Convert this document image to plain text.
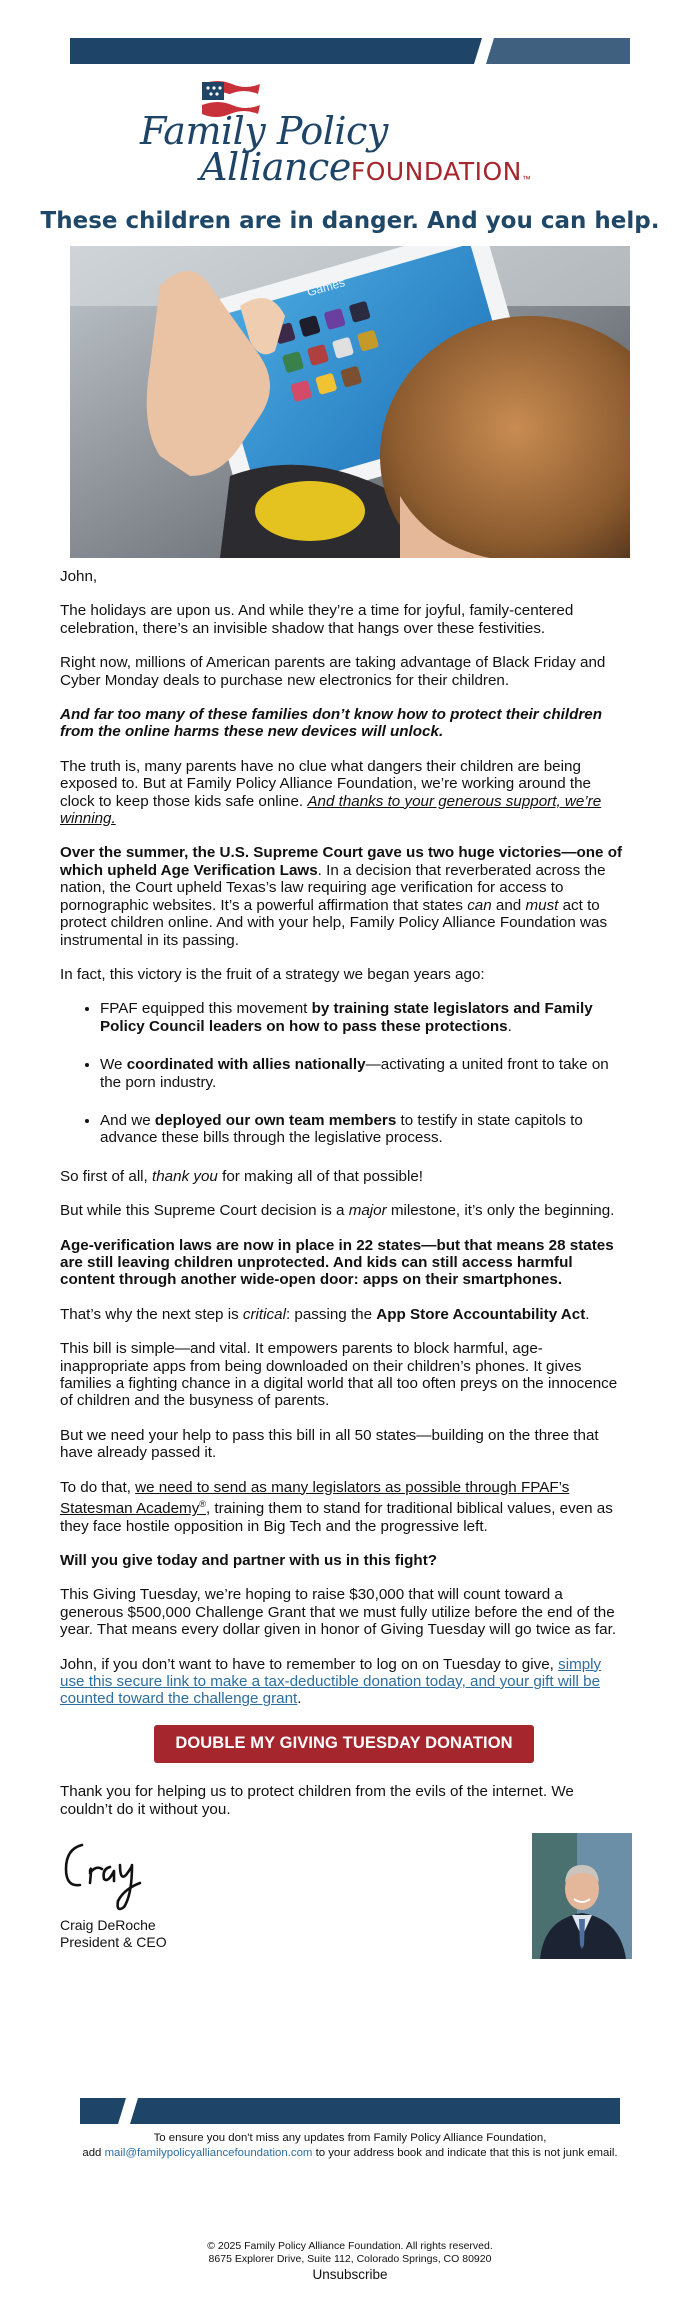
Family Policy
AllianceFOUNDATION™
These children are in danger. And you can help.
Games

John,

The holidays are upon us. And while they’re a time for joyful, family-centered celebration, there’s an invisible shadow that hangs over these festivities.

Right now, millions of American parents are taking advantage of Black Friday and Cyber Monday deals to purchase new electronics for their children.

And far too many of these families don’t know how to protect their children from the online harms these new devices will unlock.

The truth is, many parents have no clue what dangers their children are being exposed to. But at Family Policy Alliance Foundation, we’re working around the clock to keep those kids safe online. And thanks to your generous support, we’re winning.

Over the summer, the U.S. Supreme Court gave us two huge victories—one of which upheld Age Verification Laws. In a decision that reverberated across the nation, the Court upheld Texas’s law requiring age verification for access to pornographic websites. It’s a powerful affirmation that states can and must act to protect children online. And with your help, Family Policy Alliance Foundation was instrumental in its passing.

In fact, this victory is the fruit of a strategy we began years ago:

• FPAF equipped this movement by training state legislators and Family Policy Council leaders on how to pass these protections.
• We coordinated with allies nationally—activating a united front to take on the porn industry.
• And we deployed our own team members to testify in state capitols to advance these bills through the legislative process.

So first of all, thank you for making all of that possible!

But while this Supreme Court decision is a major milestone, it’s only the beginning.

Age-verification laws are now in place in 22 states—but that means 28 states are still leaving children unprotected. And kids can still access harmful content through another wide-open door: apps on their smartphones.

That’s why the next step is critical: passing the App Store Accountability Act.

This bill is simple—and vital. It empowers parents to block harmful, age-inappropriate apps from being downloaded on their children’s phones. It gives families a fighting chance in a digital world that all too often preys on the innocence of children and the busyness of parents.

But we need your help to pass this bill in all 50 states—building on the three that have already passed it.

To do that, we need to send as many legislators as possible through FPAF’s Statesman Academy®, training them to stand for traditional biblical values, even as they face hostile opposition in Big Tech and the progressive left.

Will you give today and partner with us in this fight?

This Giving Tuesday, we’re hoping to raise $30,000 that will count toward a generous $500,000 Challenge Grant that we must fully utilize before the end of the year. That means every dollar given in honor of Giving Tuesday will go twice as far.

John, if you don’t want to have to remember to log on on Tuesday to give, simply use this secure link to make a tax-deductible donation today, and your gift will be counted toward the challenge grant.

DOUBLE MY GIVING TUESDAY DONATION

Thank you for helping us to protect children from the evils of the internet. We couldn’t do it without you.

Craig DeRoche
President & CEO
To ensure you don't miss any updates from Family Policy Alliance Foundation,
add mail@familypolicyalliancefoundation.com to your address book and indicate that this is not junk email.
© 2025 Family Policy Alliance Foundation. All rights reserved.
8675 Explorer Drive, Suite 112, Colorado Springs, CO 80920
Unsubscribe
